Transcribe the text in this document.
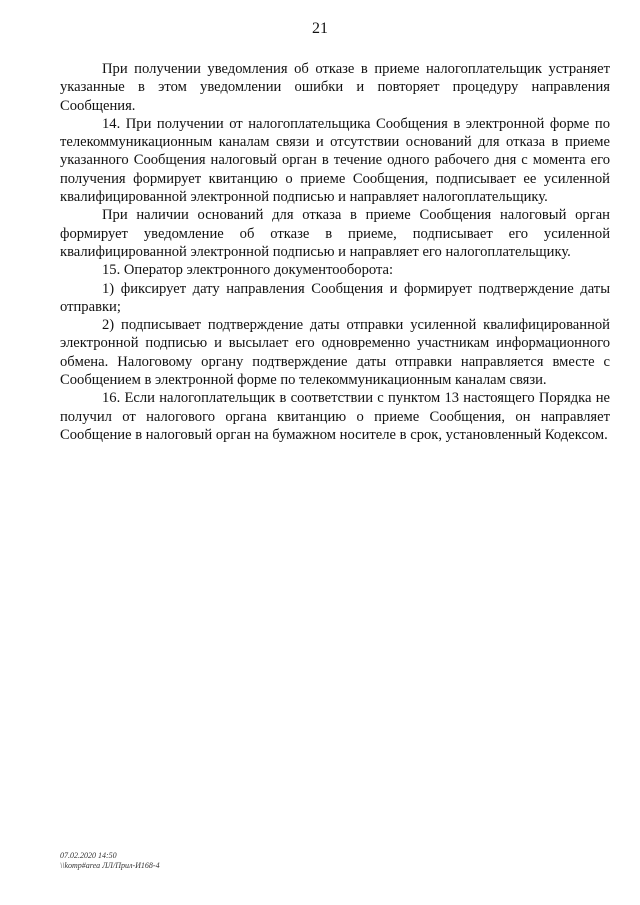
21

При получении уведомления об отказе в приеме налогоплательщик устраняет указанные в этом уведомлении ошибки и повторяет процедуру направления Сообщения.

14. При получении от налогоплательщика Сообщения в электронной форме по телекоммуникационным каналам связи и отсутствии оснований для отказа в приеме указанного Сообщения налоговый орган в течение одного рабочего дня с момента его получения формирует квитанцию о приеме Сообщения, подписывает ее усиленной квалифицированной электронной подписью и направляет налогоплательщику.

При наличии оснований для отказа в приеме Сообщения налоговый орган формирует уведомление об отказе в приеме, подписывает его усиленной квалифицированной электронной подписью и направляет его налогоплательщику.

15. Оператор электронного документооборота:

1) фиксирует дату направления Сообщения и формирует подтверждение даты отправки;

2) подписывает подтверждение даты отправки усиленной квалифицированной электронной подписью и высылает его одновременно участникам информационного обмена. Налоговому органу подтверждение даты отправки направляется вместе с Сообщением в электронной форме по телекоммуникационным каналам связи.

16. Если налогоплательщик в соответствии с пунктом 13 настоящего Порядка не получил от налогового органа квитанцию о приеме Сообщения, он направляет Сообщение в налоговый орган на бумажном носителе в срок, установленный Кодексом.

07.02.2020 14:50
\\komp#area ЛЛ/Прил-И168-4
